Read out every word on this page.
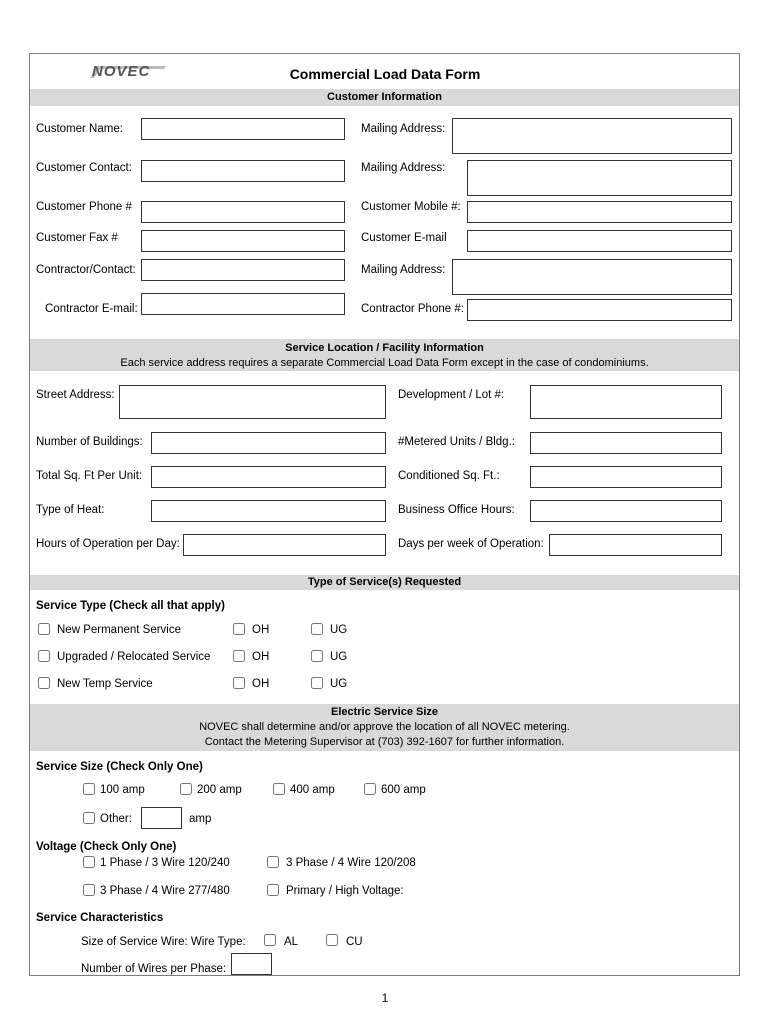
NOVEC	Commercial Load Data Form
Customer Information
Customer Name:	Mailing Address:
Customer Contact:	Mailing Address:
Customer Phone #	Customer Mobile #:
Customer Fax #	Customer E-mail
Contractor/Contact:	Mailing Address:
Contractor E-mail:	Contractor Phone #:
Service Location / Facility Information
Each service address requires a separate Commercial Load Data Form except in the case of condominiums.
Street Address:	Development / Lot #:
Number of Buildings:	#Metered Units / Bldg.:
Total Sq. Ft Per Unit:	Conditioned Sq. Ft.:
Type of Heat:	Business Office Hours:
Hours of Operation per Day:	Days per week of Operation:
Type of Service(s) Requested
Service Type (Check all that apply)
New Permanent Service	OH	UG
Upgraded / Relocated Service	OH	UG
New Temp Service	OH	UG
Electric Service Size
NOVEC shall determine and/or approve the location of all NOVEC metering.
Contact the Metering Supervisor at (703) 392-1607 for further information.
Service Size (Check Only One)
100 amp	200 amp	400 amp	600 amp
Other:	amp
Voltage (Check Only One)
1 Phase / 3 Wire 120/240	3 Phase / 4 Wire 120/208
3 Phase / 4 Wire 277/480	Primary / High Voltage:
Service Characteristics
Size of Service Wire: Wire Type:	AL	CU
Number of Wires per Phase:
1
